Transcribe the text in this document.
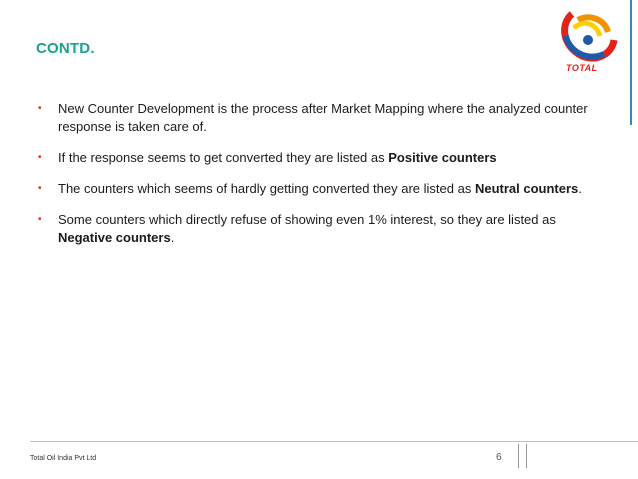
CONTD.
TOTAL
• New Counter Development is the process after Market Mapping where the analyzed counter response is taken care of.
• If the response seems to get converted they are listed as Positive counters
• The counters which seems of hardly getting converted they are listed as Neutral counters.
• Some counters which directly refuse of showing even 1% interest, so they are listed as Negative counters.
Total Oil India Pvt Ltd	6
